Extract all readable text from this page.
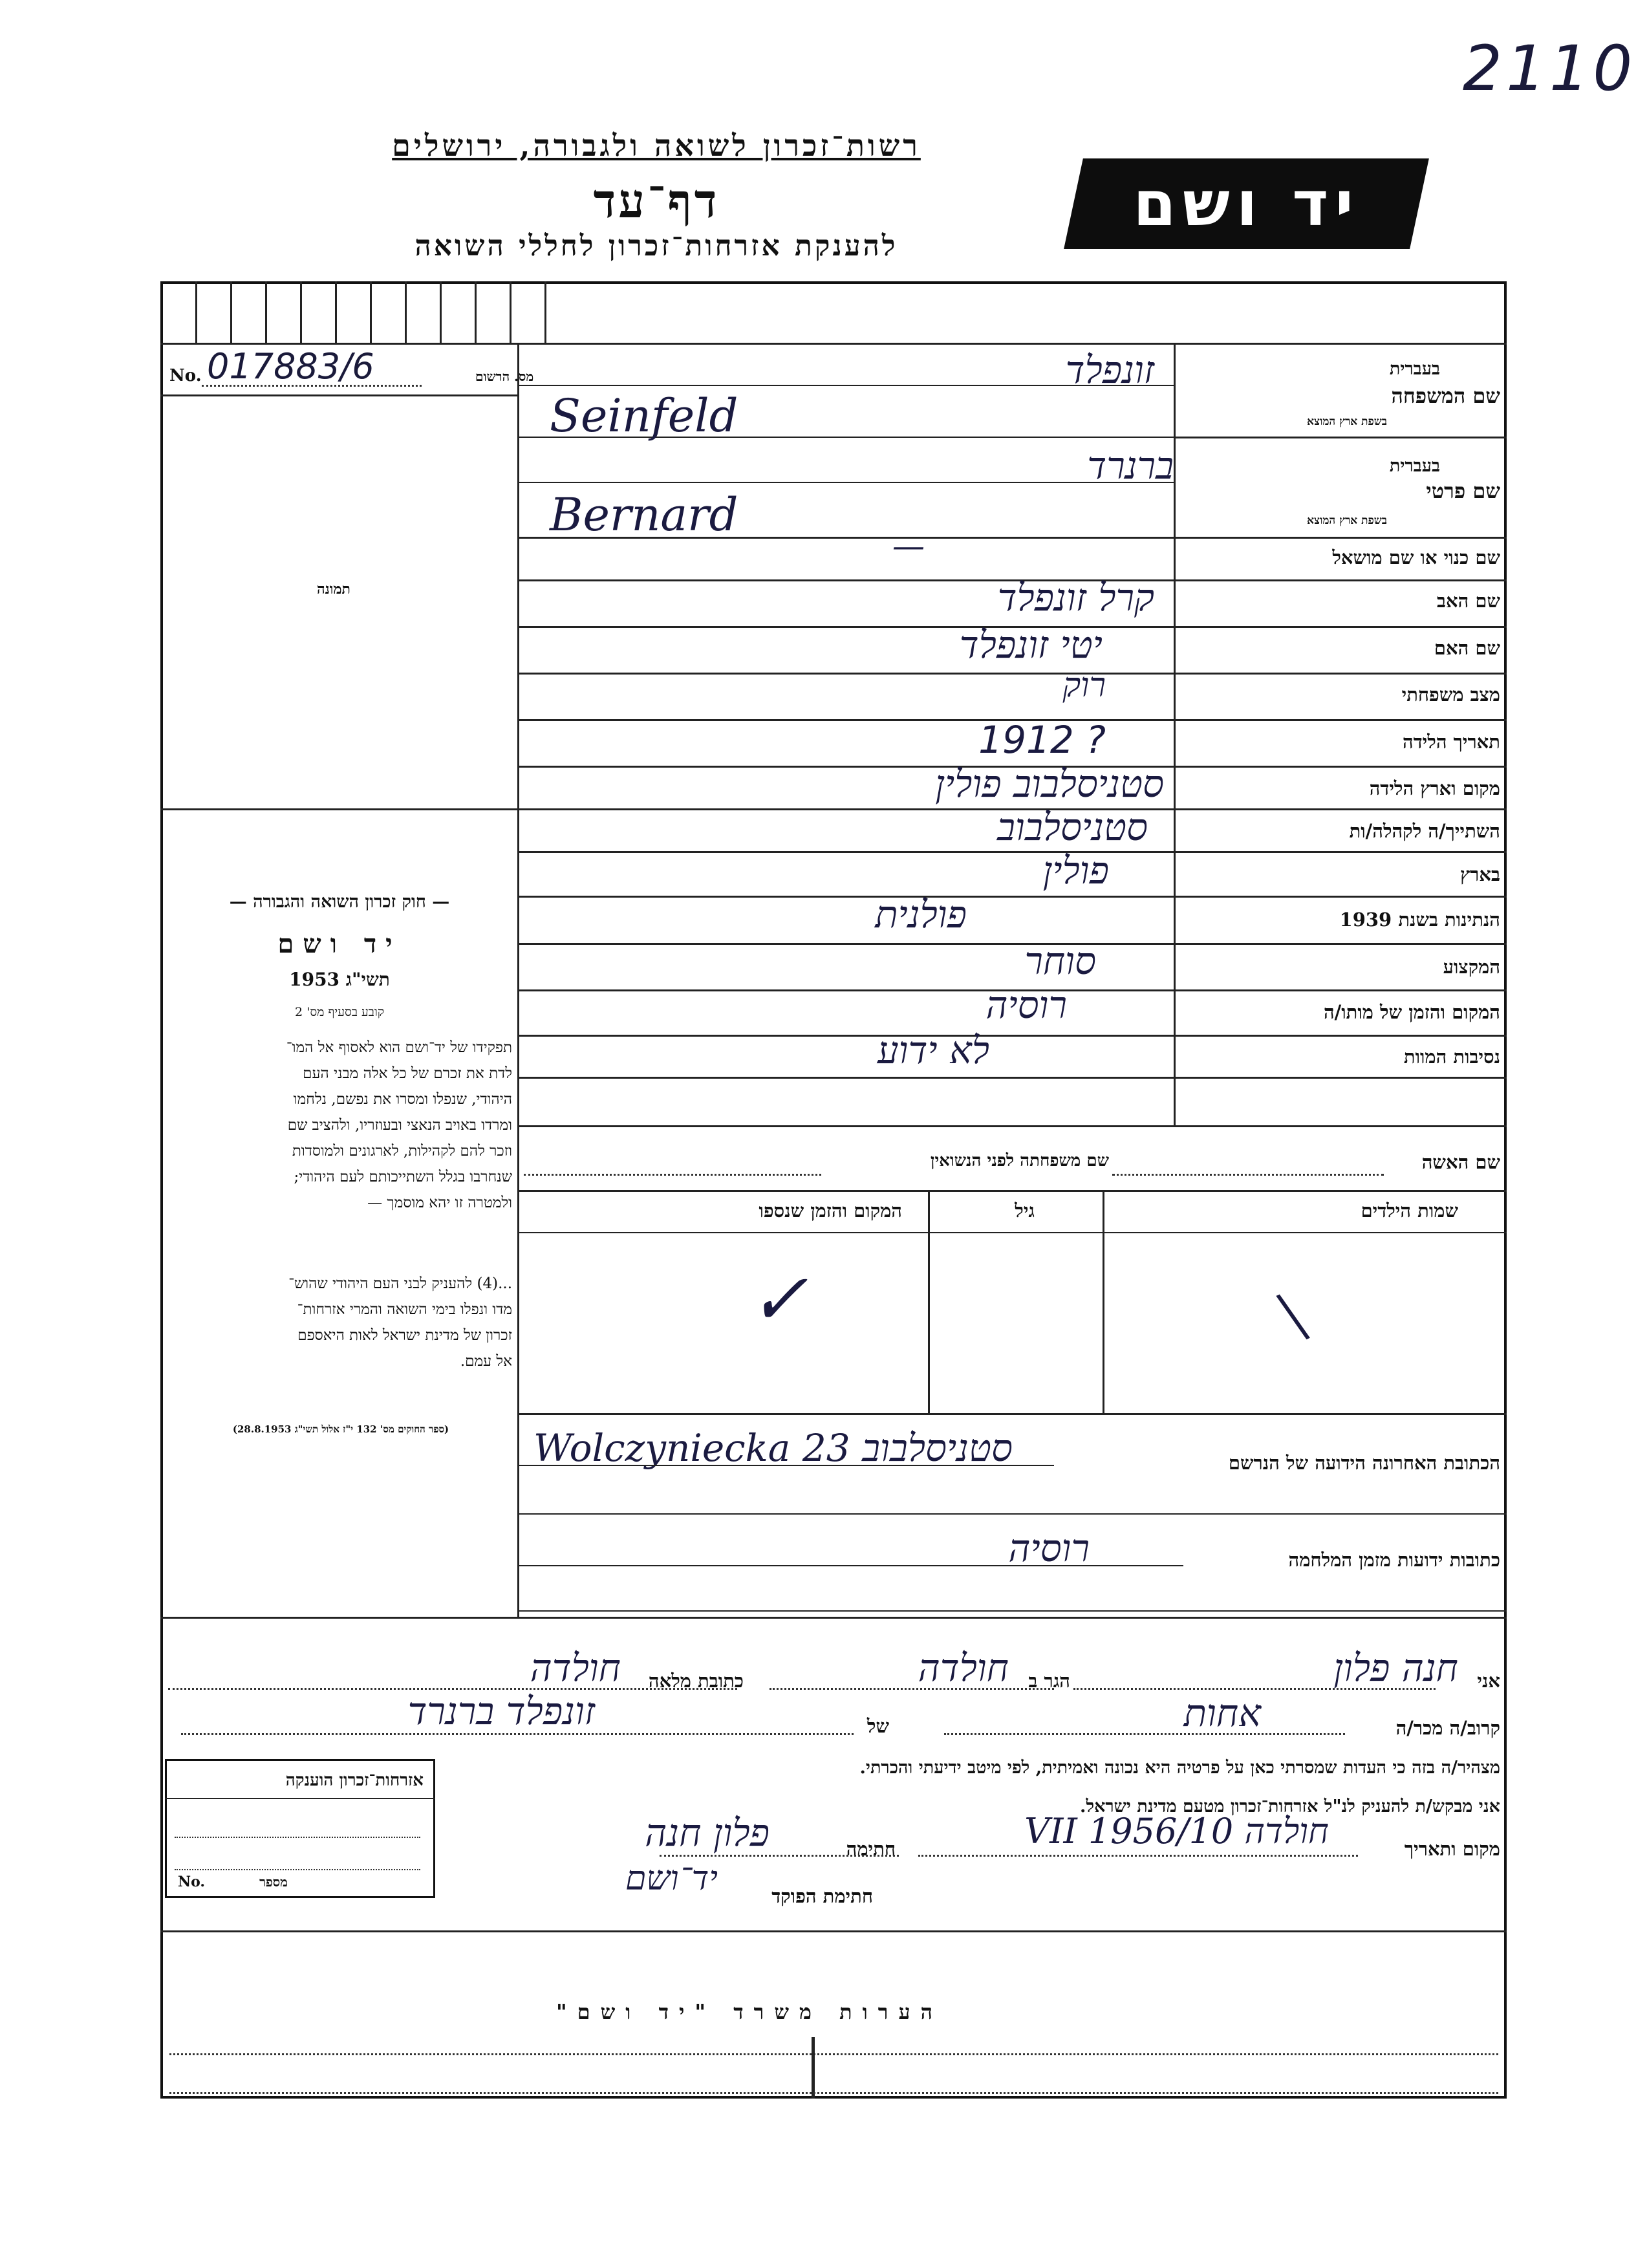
2110
רשות־זכרון לשואה ולגבורה, ירושלים
דף־עד
להענקת אזרחות־זכרון לחללי השואה
יד ושם
מס. הרשום
No. 017883/6
תמונה
בעברית
שם המשפחה
בשפת ארץ המוצא
זונפלד
Seinfeld
בעברית
שם פרטי
בשפת ארץ המוצא
ברנרד
Bernard
שם כנוי או שם מושאל
—
שם האב
קרל זונפלד
שם האם
יטי זונפלד
מצב משפחתי
רוק
תאריך הלידה
1912 ?
מקום וארץ הלידה
סטניסלבוב פולין
השתייך/ה לקהלה/ות
סטניסלבוב
בארץ
פולין
הנתינות בשנת 1939
פולנית
המקצוע
סוחר
המקום והזמן של מותו/ה
רוסיה
נסיבות המוות
לא ידוע
שם האשה
שם משפחתה לפני הנשואין
שמות הילדים
גיל
המקום והזמן שנספו
—
✓
— חוק זכרון השואה והגבורה —
יד ושם
תשי"ג 1953
קובע בסעיף מס' 2
תפקידו של יד־ושם הוא לאסוף אל המו־
לדת את זכרם של כל אלה מבני העם
היהודי, שנפלו ומסרו את נפשם, נלחמו
ומרדו באויב הנאצי ובעוזריו, ולהציב שם
וזכר להם לקהילות, לארגונים ולמוסדות
שנחרבו בגלל השתייכותם לעם היהודי;
ולמטרה זו יהא מוסמך —
...(4) להעניק לבני העם היהודי שהוש־
מדו ונפלו בימי השואה והמרי אזרחות־
זכרון של מדינת ישראל לאות היאספם
אל עמם.
(ספר החוקים מס' 132 י"ז אלול תשי"ג 28.8.1953)
הכתובת האחרונה הידועה של הנרשם
סטניסלבוב Wolczyniecka 23
כתובות ידועות מזמן המלחמה
רוסיה
אני
חנה פלון
הגר ב
חולדה
כתובת מלאה
חולדה
קרוב/ה מכר/ה
אחות
של
זונפלד ברנרד
מצהיר/ה בזה כי העדות שמסרתי כאן על פרטיה היא נכונה ואמיתית, לפי מיטב ידיעתי והכרתי.
אני מבקש/ת להעניק לנ"ל אזרחות־זכרון מטעם מדינת ישראל.
מקום ותאריך
חולדה 10/VII 1956
חתימה
פלון חנה
חתימת הפוקד
יד־ושם
אזרחות־זכרון הוענקה
No.	מספר
הערות משרד "יד ושם"
